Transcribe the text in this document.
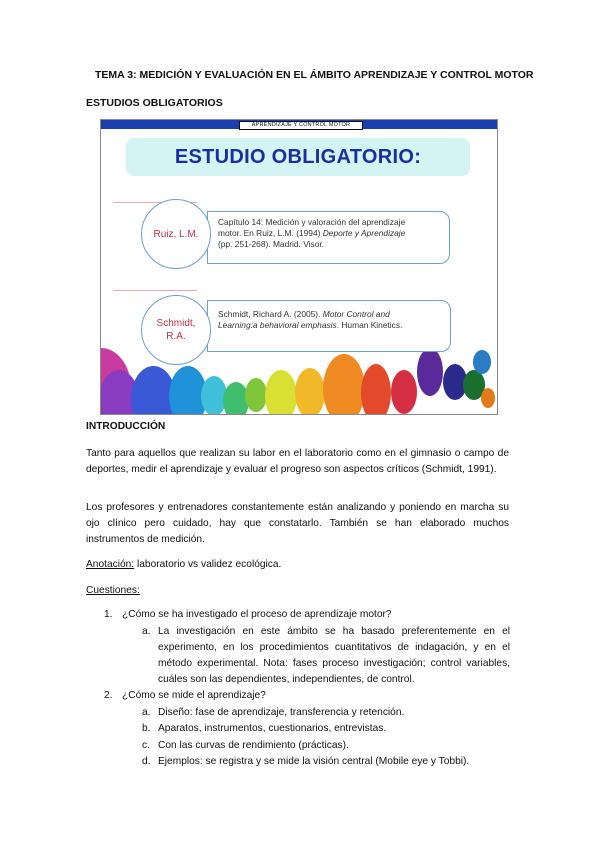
TEMA 3: MEDICIÓN Y EVALUACIÓN EN EL ÁMBITO APRENDIZAJE Y CONTROL MOTOR
ESTUDIOS OBLIGATORIOS
APRENDIZAJE Y CONTROL MOTOR
ESTUDIO OBLIGATORIO:
Capítulo 14: Medición y valoración del aprendizaje
motor. En Ruiz, L.M. (1994) Deporte y Aprendizaje
(pp. 251-268). Madrid. Visor.
Ruiz, L.M.
Schmidt, Richard A. (2005). Motor Control and
Learning:a behavioral emphasis. Human Kinetics.
Schmidt,
R.A.
INTRODUCCIÓN
Tanto para aquellos que realizan su labor en el laboratorio como en el gimnasio o campo de deportes, medir el aprendizaje y evaluar el progreso son aspectos críticos (Schmidt, 1991).
Los profesores y entrenadores constantemente están analizando y poniendo en marcha su ojo clínico pero cuidado, hay que constatarlo. También se han elaborado muchos instrumentos de medición.
Anotación: laboratorio vs validez ecológica.
Cuestiones:
1. ¿Cómo se ha investigado el proceso de aprendizaje motor?
a. La investigación en este ámbito se ha basado preferentemente en el experimento, en los procedimientos cuantitativos de indagación, y en el método experimental. Nota: fases proceso investigación; control variables, cuáles son las dependientes, independientes, de control.
2. ¿Cómo se mide el aprendizaje?
a. Diseño: fase de aprendizaje, transferencia y retención.
b. Aparatos, instrumentos, cuestionarios, entrevistas.
c. Con las curvas de rendimiento (prácticas).
d. Ejemplos: se registra y se mide la visión central (Mobile eye y Tobbi).
